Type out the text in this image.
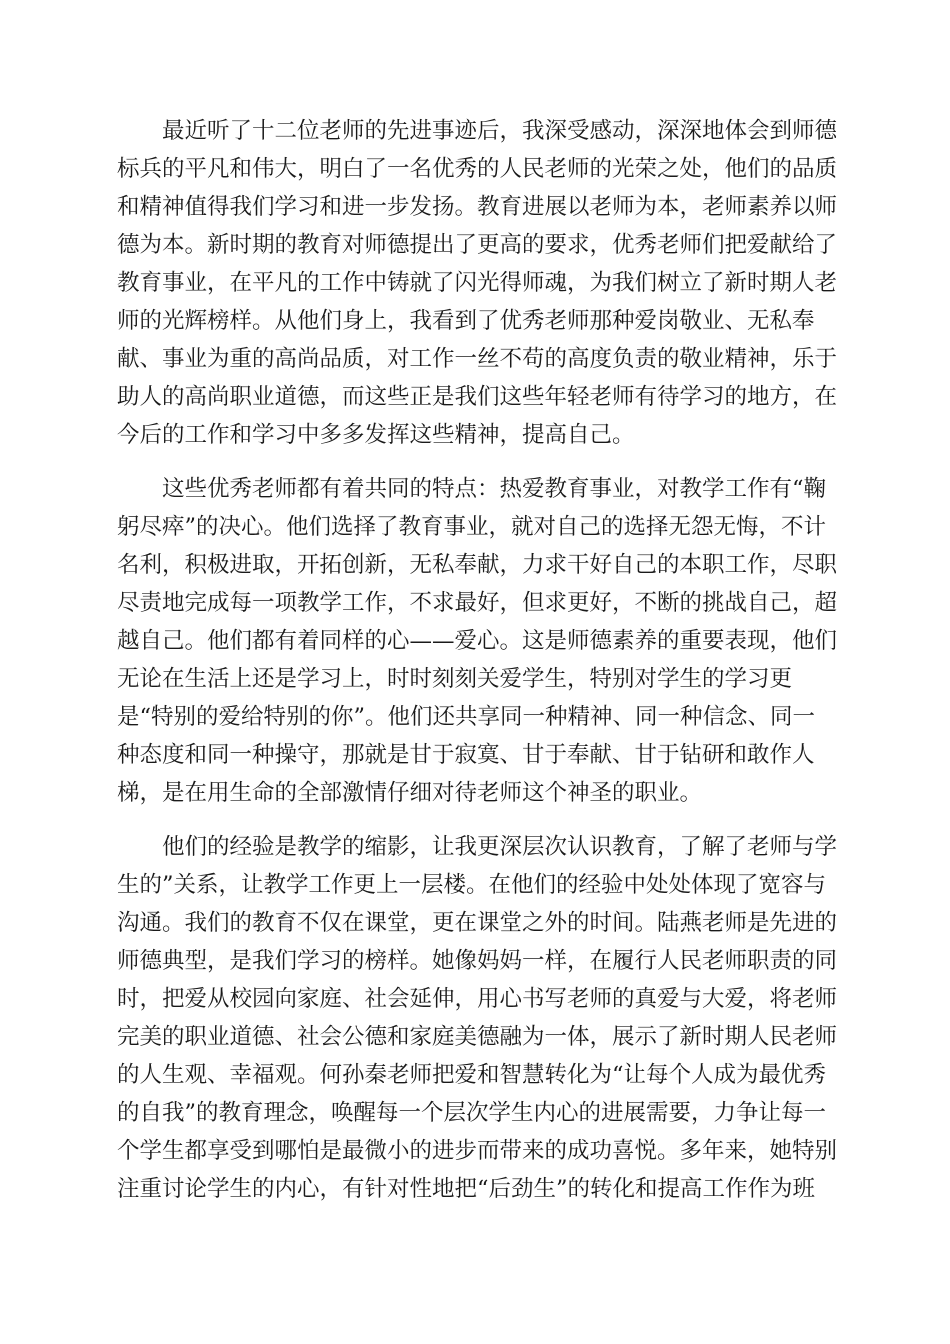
最近听了十二位老师的先进事迹后，我深受感动，深深地体会到师德
标兵的平凡和伟大，明白了一名优秀的人民老师的光荣之处，他们的品质
和精神值得我们学习和进一步发扬。教育进展以老师为本，老师素养以师
德为本。新时期的教育对师德提出了更高的要求，优秀老师们把爱献给了
教育事业，在平凡的工作中铸就了闪光得师魂，为我们树立了新时期人老
师的光辉榜样。从他们身上，我看到了优秀老师那种爱岗敬业、无私奉
献、事业为重的高尚品质，对工作一丝不苟的高度负责的敬业精神，乐于
助人的高尚职业道德，而这些正是我们这些年轻老师有待学习的地方，在
今后的工作和学习中多多发挥这些精神，提高自己。
这些优秀老师都有着共同的特点：热爱教育事业，对教学工作有“鞠
躬尽瘁”的决心。他们选择了教育事业，就对自己的选择无怨无悔，不计
名利，积极进取，开拓创新，无私奉献，力求干好自己的本职工作，尽职
尽责地完成每一项教学工作，不求最好，但求更好，不断的挑战自己，超
越自己。他们都有着同样的心——爱心。这是师德素养的重要表现，他们
无论在生活上还是学习上，时时刻刻关爱学生，特别对学生的学习更
是“特别的爱给特别的你”。他们还共享同一种精神、同一种信念、同一
种态度和同一种操守，那就是甘于寂寞、甘于奉献、甘于钻研和敢作人
梯，是在用生命的全部激情仔细对待老师这个神圣的职业。
他们的经验是教学的缩影，让我更深层次认识教育，了解了老师与学
生的”关系，让教学工作更上一层楼。在他们的经验中处处体现了宽容与
沟通。我们的教育不仅在课堂，更在课堂之外的时间。陆燕老师是先进的
师德典型，是我们学习的榜样。她像妈妈一样，在履行人民老师职责的同
时，把爱从校园向家庭、社会延伸，用心书写老师的真爱与大爱，将老师
完美的职业道德、社会公德和家庭美德融为一体，展示了新时期人民老师
的人生观、幸福观。何孙秦老师把爱和智慧转化为“让每个人成为最优秀
的自我”的教育理念，唤醒每一个层次学生内心的进展需要，力争让每一
个学生都享受到哪怕是最微小的进步而带来的成功喜悦。多年来，她特别
注重讨论学生的内心，有针对性地把“后劲生”的转化和提高工作作为班
